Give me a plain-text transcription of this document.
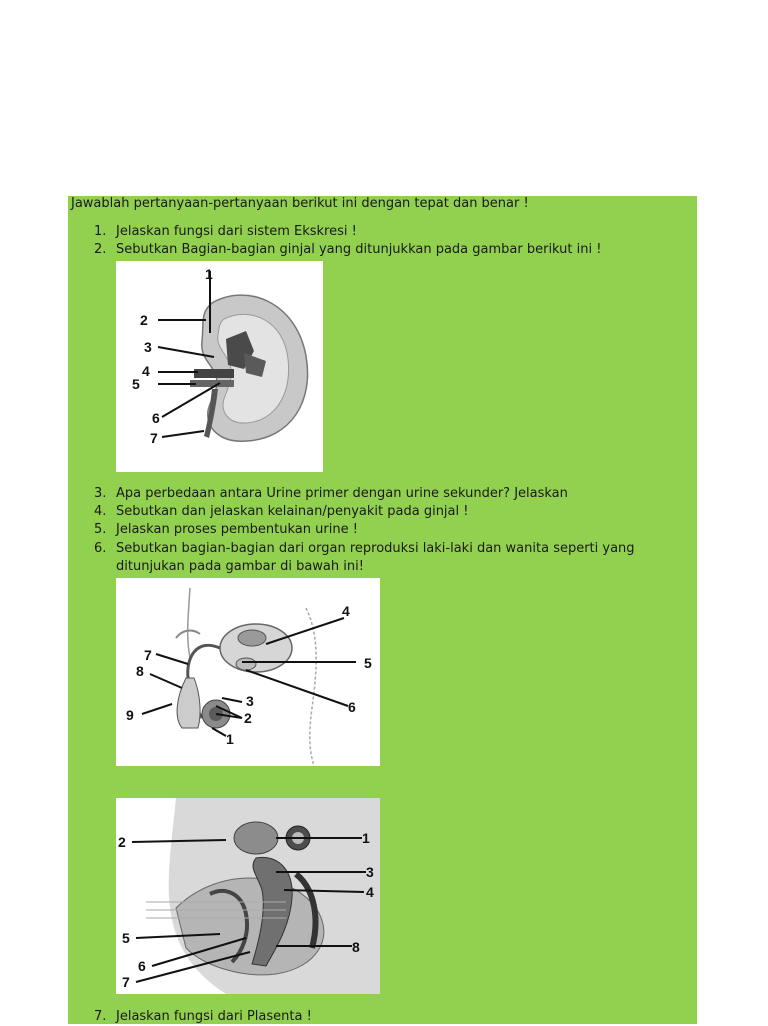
Jawablah pertanyaan-pertanyaan berikut ini dengan tepat dan benar !
1. Jelaskan fungsi dari sistem Ekskresi !
2. Sebutkan Bagian-bagian ginjal yang ditunjukkan pada gambar berikut ini !
1
2
3
4
5
6
7
3. Apa perbedaan antara Urine primer dengan urine sekunder? Jelaskan
4. Sebutkan dan jelaskan kelainan/penyakit pada ginjal !
5. Jelaskan proses pembentukan urine !
6. Sebutkan bagian-bagian dari organ reproduksi laki-laki dan wanita seperti yang
ditunjukan pada gambar di bawah ini!
1
2
3
4
5
6
7
8
9
1
2
3
4
5
6
7
8
7. Jelaskan fungsi dari Plasenta !
